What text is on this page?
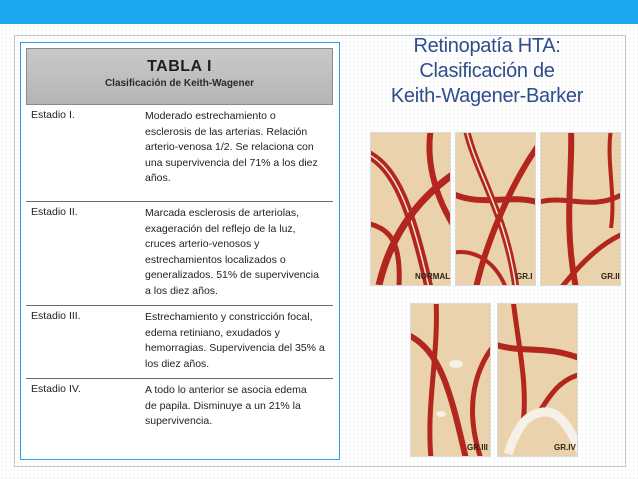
TABLA I
Clasificación de Keith-Wagener
Estadio I.	Moderado estrechamiento o
esclerosis de las arterias. Relación
arterio-venosa 1/2. Se relaciona con
una supervivencia del 71% a los diez
años.
Estadio II.	Marcada esclerosis de arteriolas,
exageración del reflejo de la luz,
cruces arterio-venosos y
estrechamientos localizados o
generalizados. 51% de supervivencia
a los diez años.
Estadio III.	Estrechamiento y constricción focal,
edema retiniano, exudados y
hemorragias. Supervivencia del 35% a
los diez años.
Estadio IV.	A todo lo anterior se asocia edema
de papila. Disminuye a un 21% la
supervivencia.
Retinopatía HTA:
Clasificación de
Keith-Wagener-Barker
NORMAL	GR.I	GR.II
GR.III	GR.IV
